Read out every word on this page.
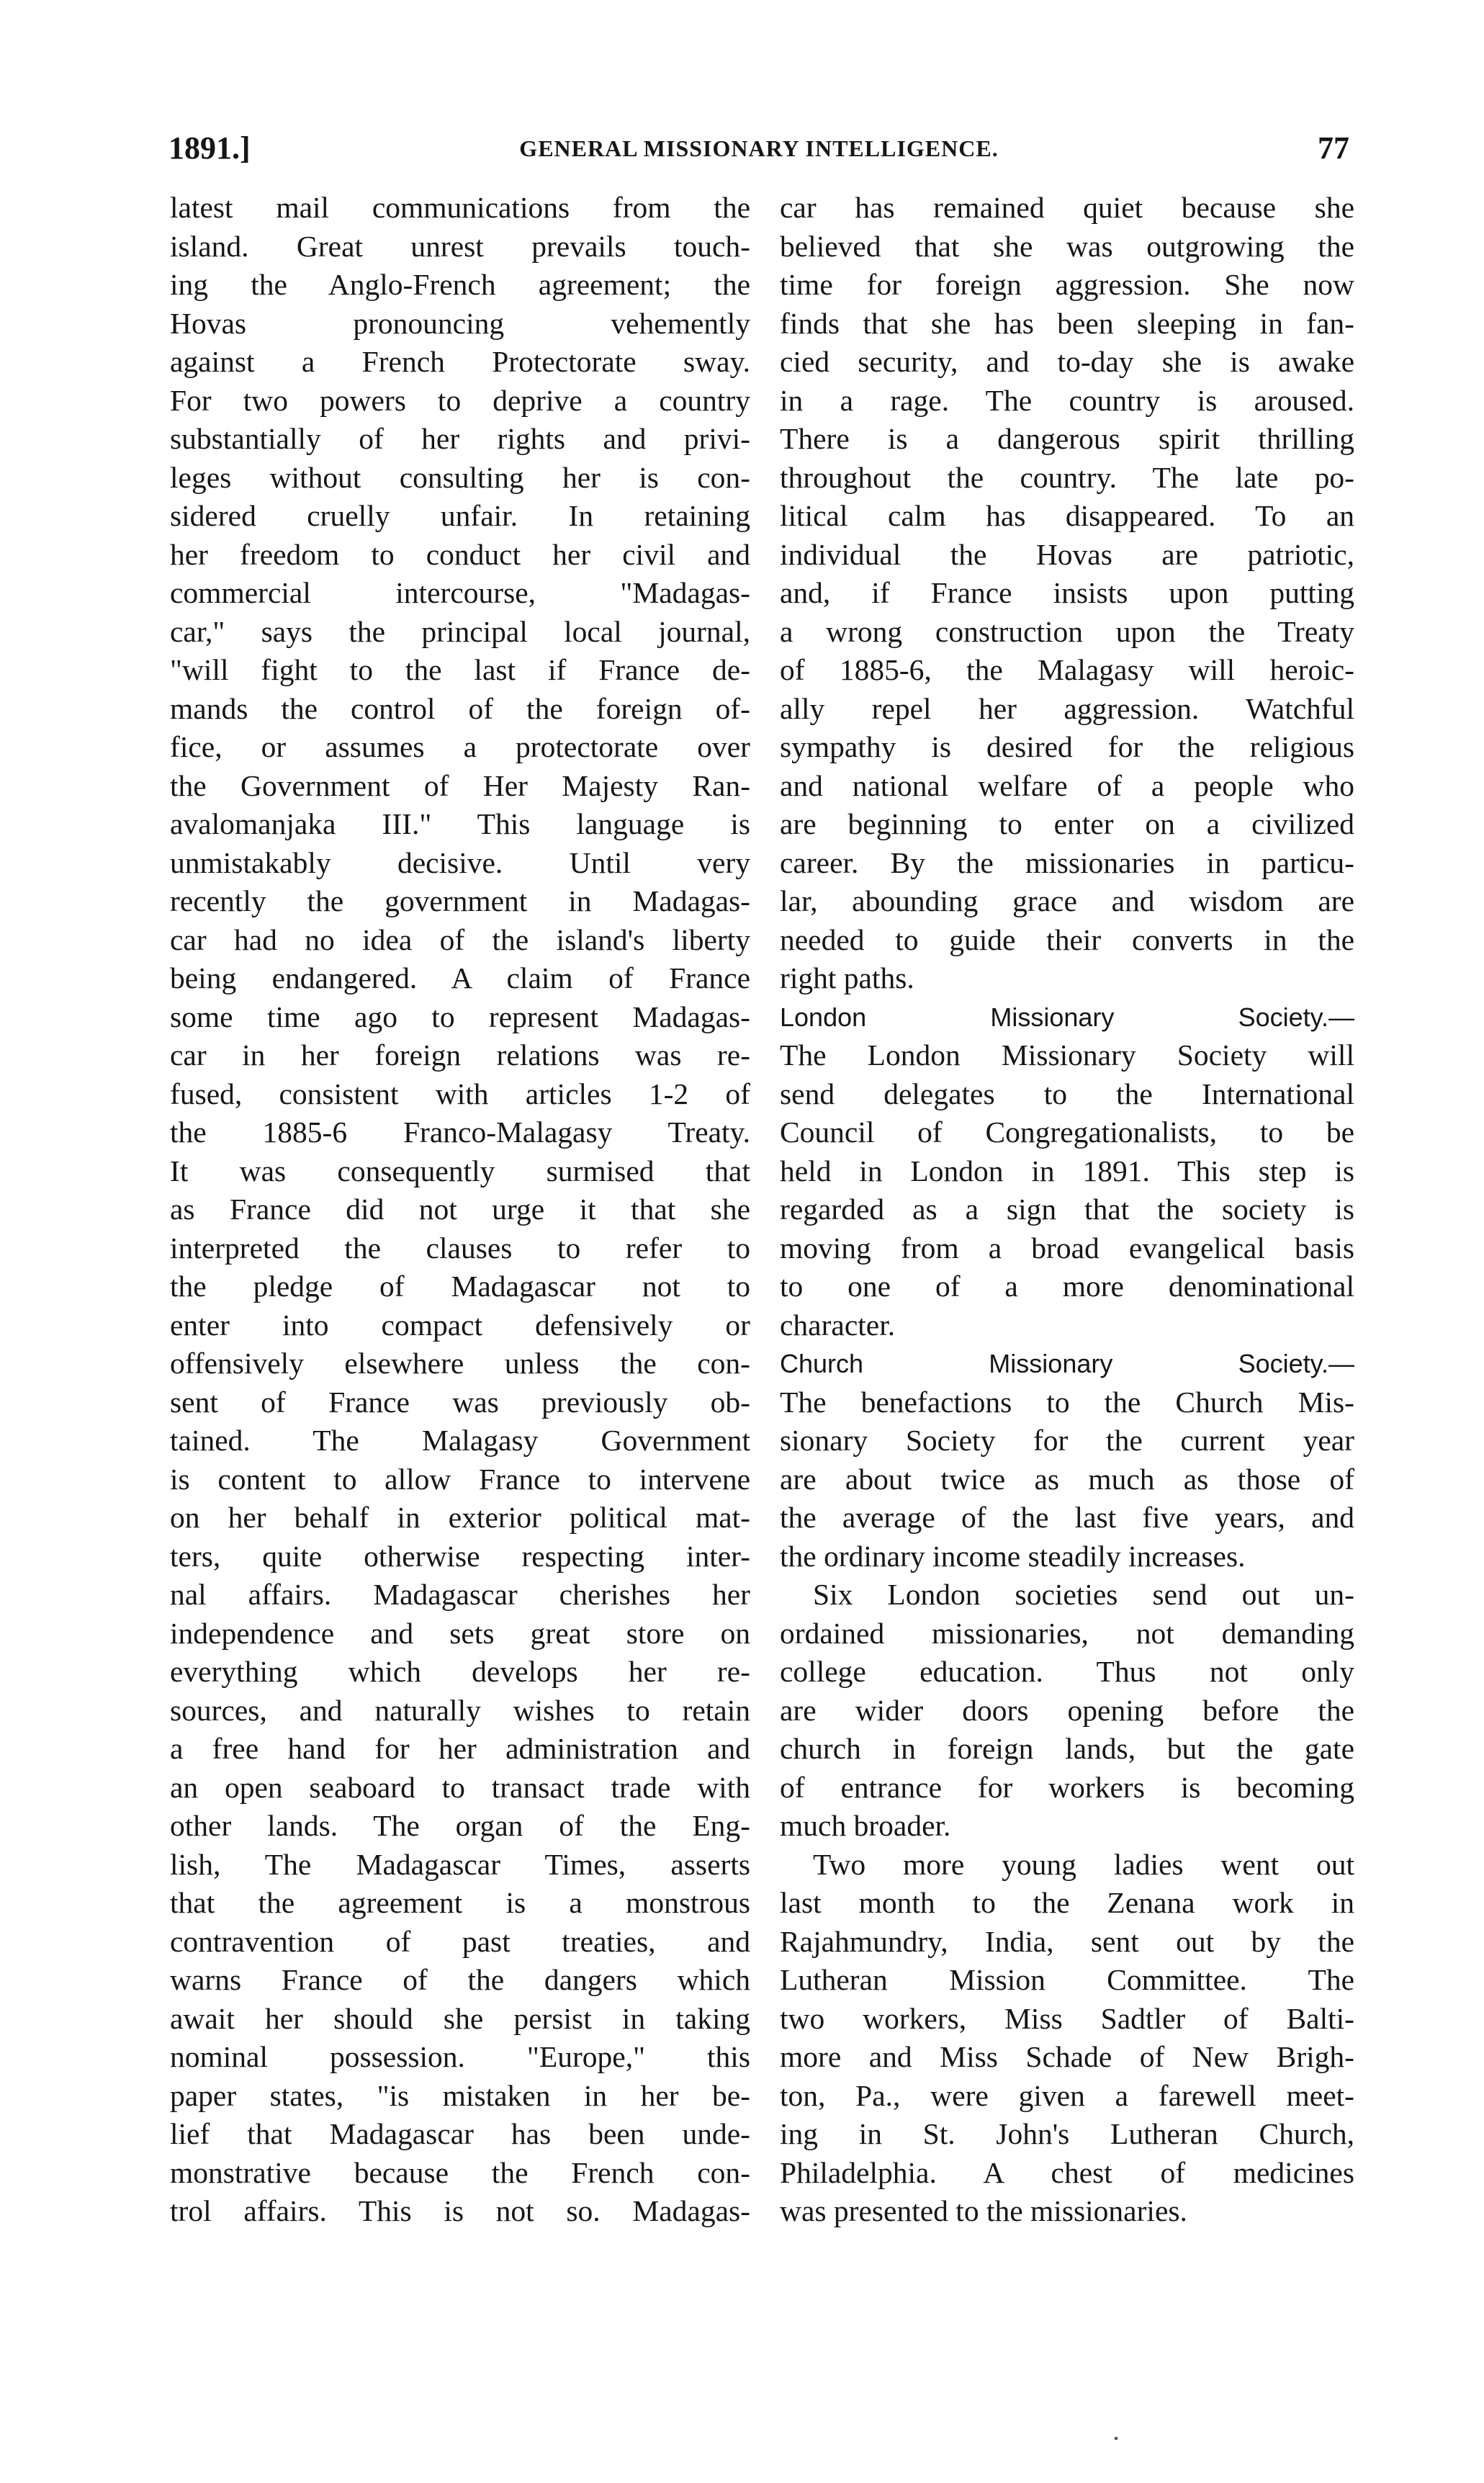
1891.]	GENERAL MISSIONARY INTELLIGENCE.	77
latest mail communications from the
island. Great unrest prevails touch-
ing the Anglo-French agreement; the
Hovas pronouncing vehemently
against a French Protectorate sway.
For two powers to deprive a country
substantially of her rights and privi-
leges without consulting her is con-
sidered cruelly unfair. In retaining
her freedom to conduct her civil and
commercial intercourse, "Madagas-
car," says the principal local journal,
"will fight to the last if France de-
mands the control of the foreign of-
fice, or assumes a protectorate over
the Government of Her Majesty Ran-
avalomanjaka III." This language is
unmistakably decisive. Until very
recently the government in Madagas-
car had no idea of the island's liberty
being endangered. A claim of France
some time ago to represent Madagas-
car in her foreign relations was re-
fused, consistent with articles 1-2 of
the 1885-6 Franco-Malagasy Treaty.
It was consequently surmised that
as France did not urge it that she
interpreted the clauses to refer to
the pledge of Madagascar not to
enter into compact defensively or
offensively elsewhere unless the con-
sent of France was previously ob-
tained. The Malagasy Government
is content to allow France to intervene
on her behalf in exterior political mat-
ters, quite otherwise respecting inter-
nal affairs. Madagascar cherishes her
independence and sets great store on
everything which develops her re-
sources, and naturally wishes to retain
a free hand for her administration and
an open seaboard to transact trade with
other lands. The organ of the Eng-
lish, The Madagascar Times, asserts
that the agreement is a monstrous
contravention of past treaties, and
warns France of the dangers which
await her should she persist in taking
nominal possession. "Europe," this
paper states, "is mistaken in her be-
lief that Madagascar has been unde-
monstrative because the French con-
trol affairs. This is not so. Madagas-
car has remained quiet because she
believed that she was outgrowing the
time for foreign aggression. She now
finds that she has been sleeping in fan-
cied security, and to-day she is awake
in a rage. The country is aroused.
There is a dangerous spirit thrilling
throughout the country. The late po-
litical calm has disappeared. To an
individual the Hovas are patriotic,
and, if France insists upon putting
a wrong construction upon the Treaty
of 1885-6, the Malagasy will heroic-
ally repel her aggression. Watchful
sympathy is desired for the religious
and national welfare of a people who
are beginning to enter on a civilized
career. By the missionaries in particu-
lar, abounding grace and wisdom are
needed to guide their converts in the
right paths.
London Missionary Society.—
The London Missionary Society will
send delegates to the International
Council of Congregationalists, to be
held in London in 1891. This step is
regarded as a sign that the society is
moving from a broad evangelical basis
to one of a more denominational
character.
Church Missionary Society.—
The benefactions to the Church Mis-
sionary Society for the current year
are about twice as much as those of
the average of the last five years, and
the ordinary income steadily increases.
Six London societies send out un-
ordained missionaries, not demanding
college education. Thus not only
are wider doors opening before the
church in foreign lands, but the gate
of entrance for workers is becoming
much broader.
Two more young ladies went out
last month to the Zenana work in
Rajahmundry, India, sent out by the
Lutheran Mission Committee. The
two workers, Miss Sadtler of Balti-
more and Miss Schade of New Brigh-
ton, Pa., were given a farewell meet-
ing in St. John's Lutheran Church,
Philadelphia. A chest of medicines
was presented to the missionaries.
